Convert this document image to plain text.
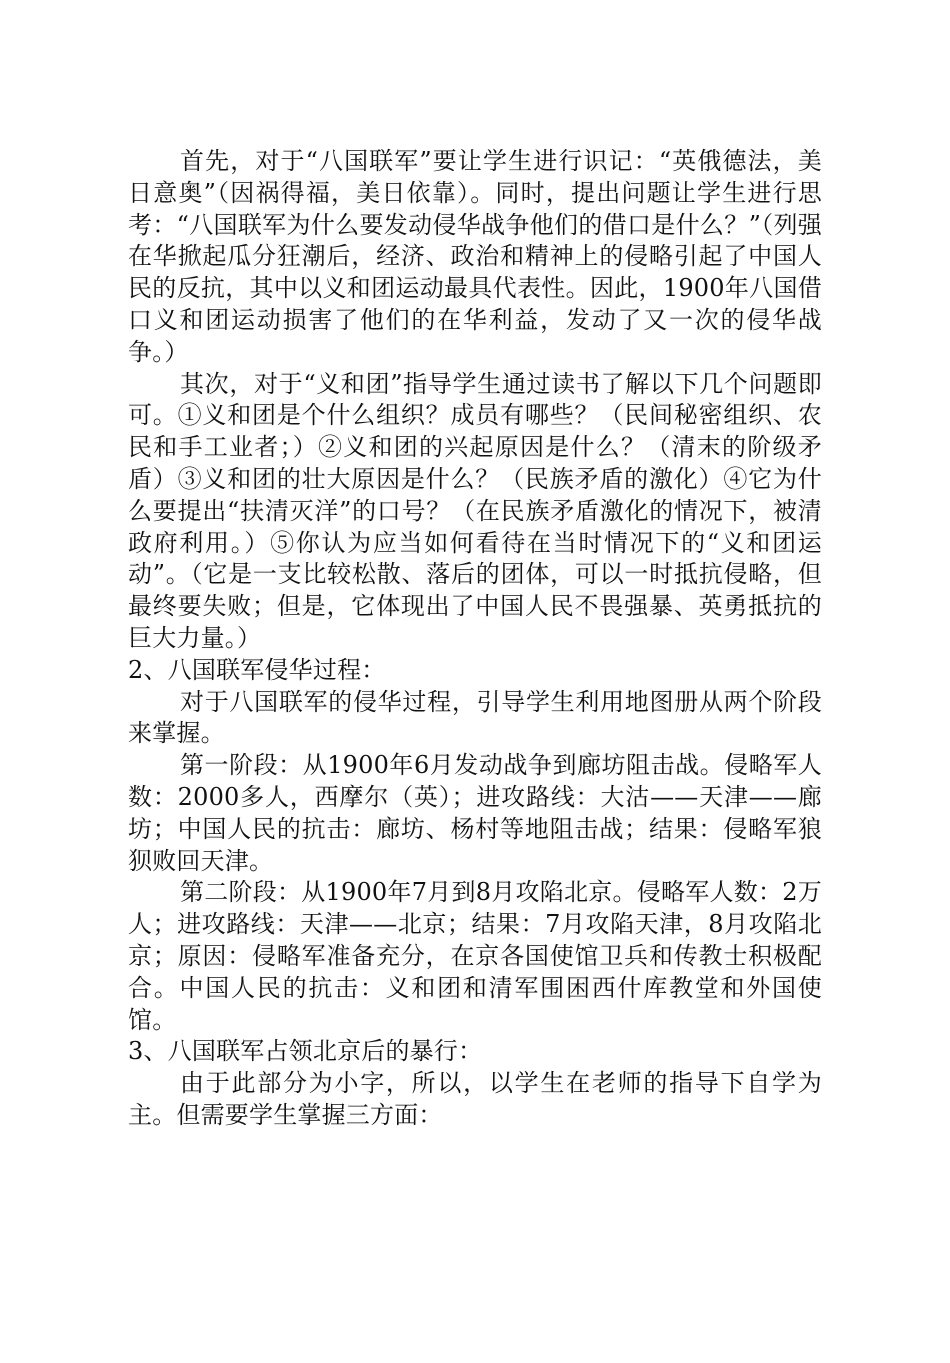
首先，对于“八国联军”要让学生进行识记：“英俄德法，美日意奥”（因祸得福，美日依靠）。同时，提出问题让学生进行思考：“八国联军为什么要发动侵华战争他们的借口是什么？”（列强在华掀起瓜分狂潮后，经济、政治和精神上的侵略引起了中国人民的反抗，其中以义和团运动最具代表性。因此，1900年八国借口义和团运动损害了他们的在华利益，发动了又一次的侵华战争。）

其次，对于“义和团”指导学生通过读书了解以下几个问题即可。①义和团是个什么组织？成员有哪些？（民间秘密组织、农民和手工业者；）②义和团的兴起原因是什么？（清末的阶级矛盾）③义和团的壮大原因是什么？（民族矛盾的激化）④它为什么要提出“扶清灭洋”的口号？（在民族矛盾激化的情况下，被清政府利用。）⑤你认为应当如何看待在当时情况下的“义和团运动”。（它是一支比较松散、落后的团体，可以一时抵抗侵略，但最终要失败；但是，它体现出了中国人民不畏强暴、英勇抵抗的巨大力量。）

2、八国联军侵华过程：

对于八国联军的侵华过程，引导学生利用地图册从两个阶段来掌握。

第一阶段：从1900年6月发动战争到廊坊阻击战。侵略军人数：2000多人，西摩尔（英）；进攻路线：大沽——天津——廊坊；中国人民的抗击：廊坊、杨村等地阻击战；结果：侵略军狼狈败回天津。

第二阶段：从1900年7月到8月攻陷北京。侵略军人数：2万人；进攻路线：天津——北京；结果：7月攻陷天津，8月攻陷北京；原因：侵略军准备充分，在京各国使馆卫兵和传教士积极配合。中国人民的抗击：义和团和清军围困西什库教堂和外国使馆。

3、八国联军占领北京后的暴行：

由于此部分为小字，所以，以学生在老师的指导下自学为主。但需要学生掌握三方面：
